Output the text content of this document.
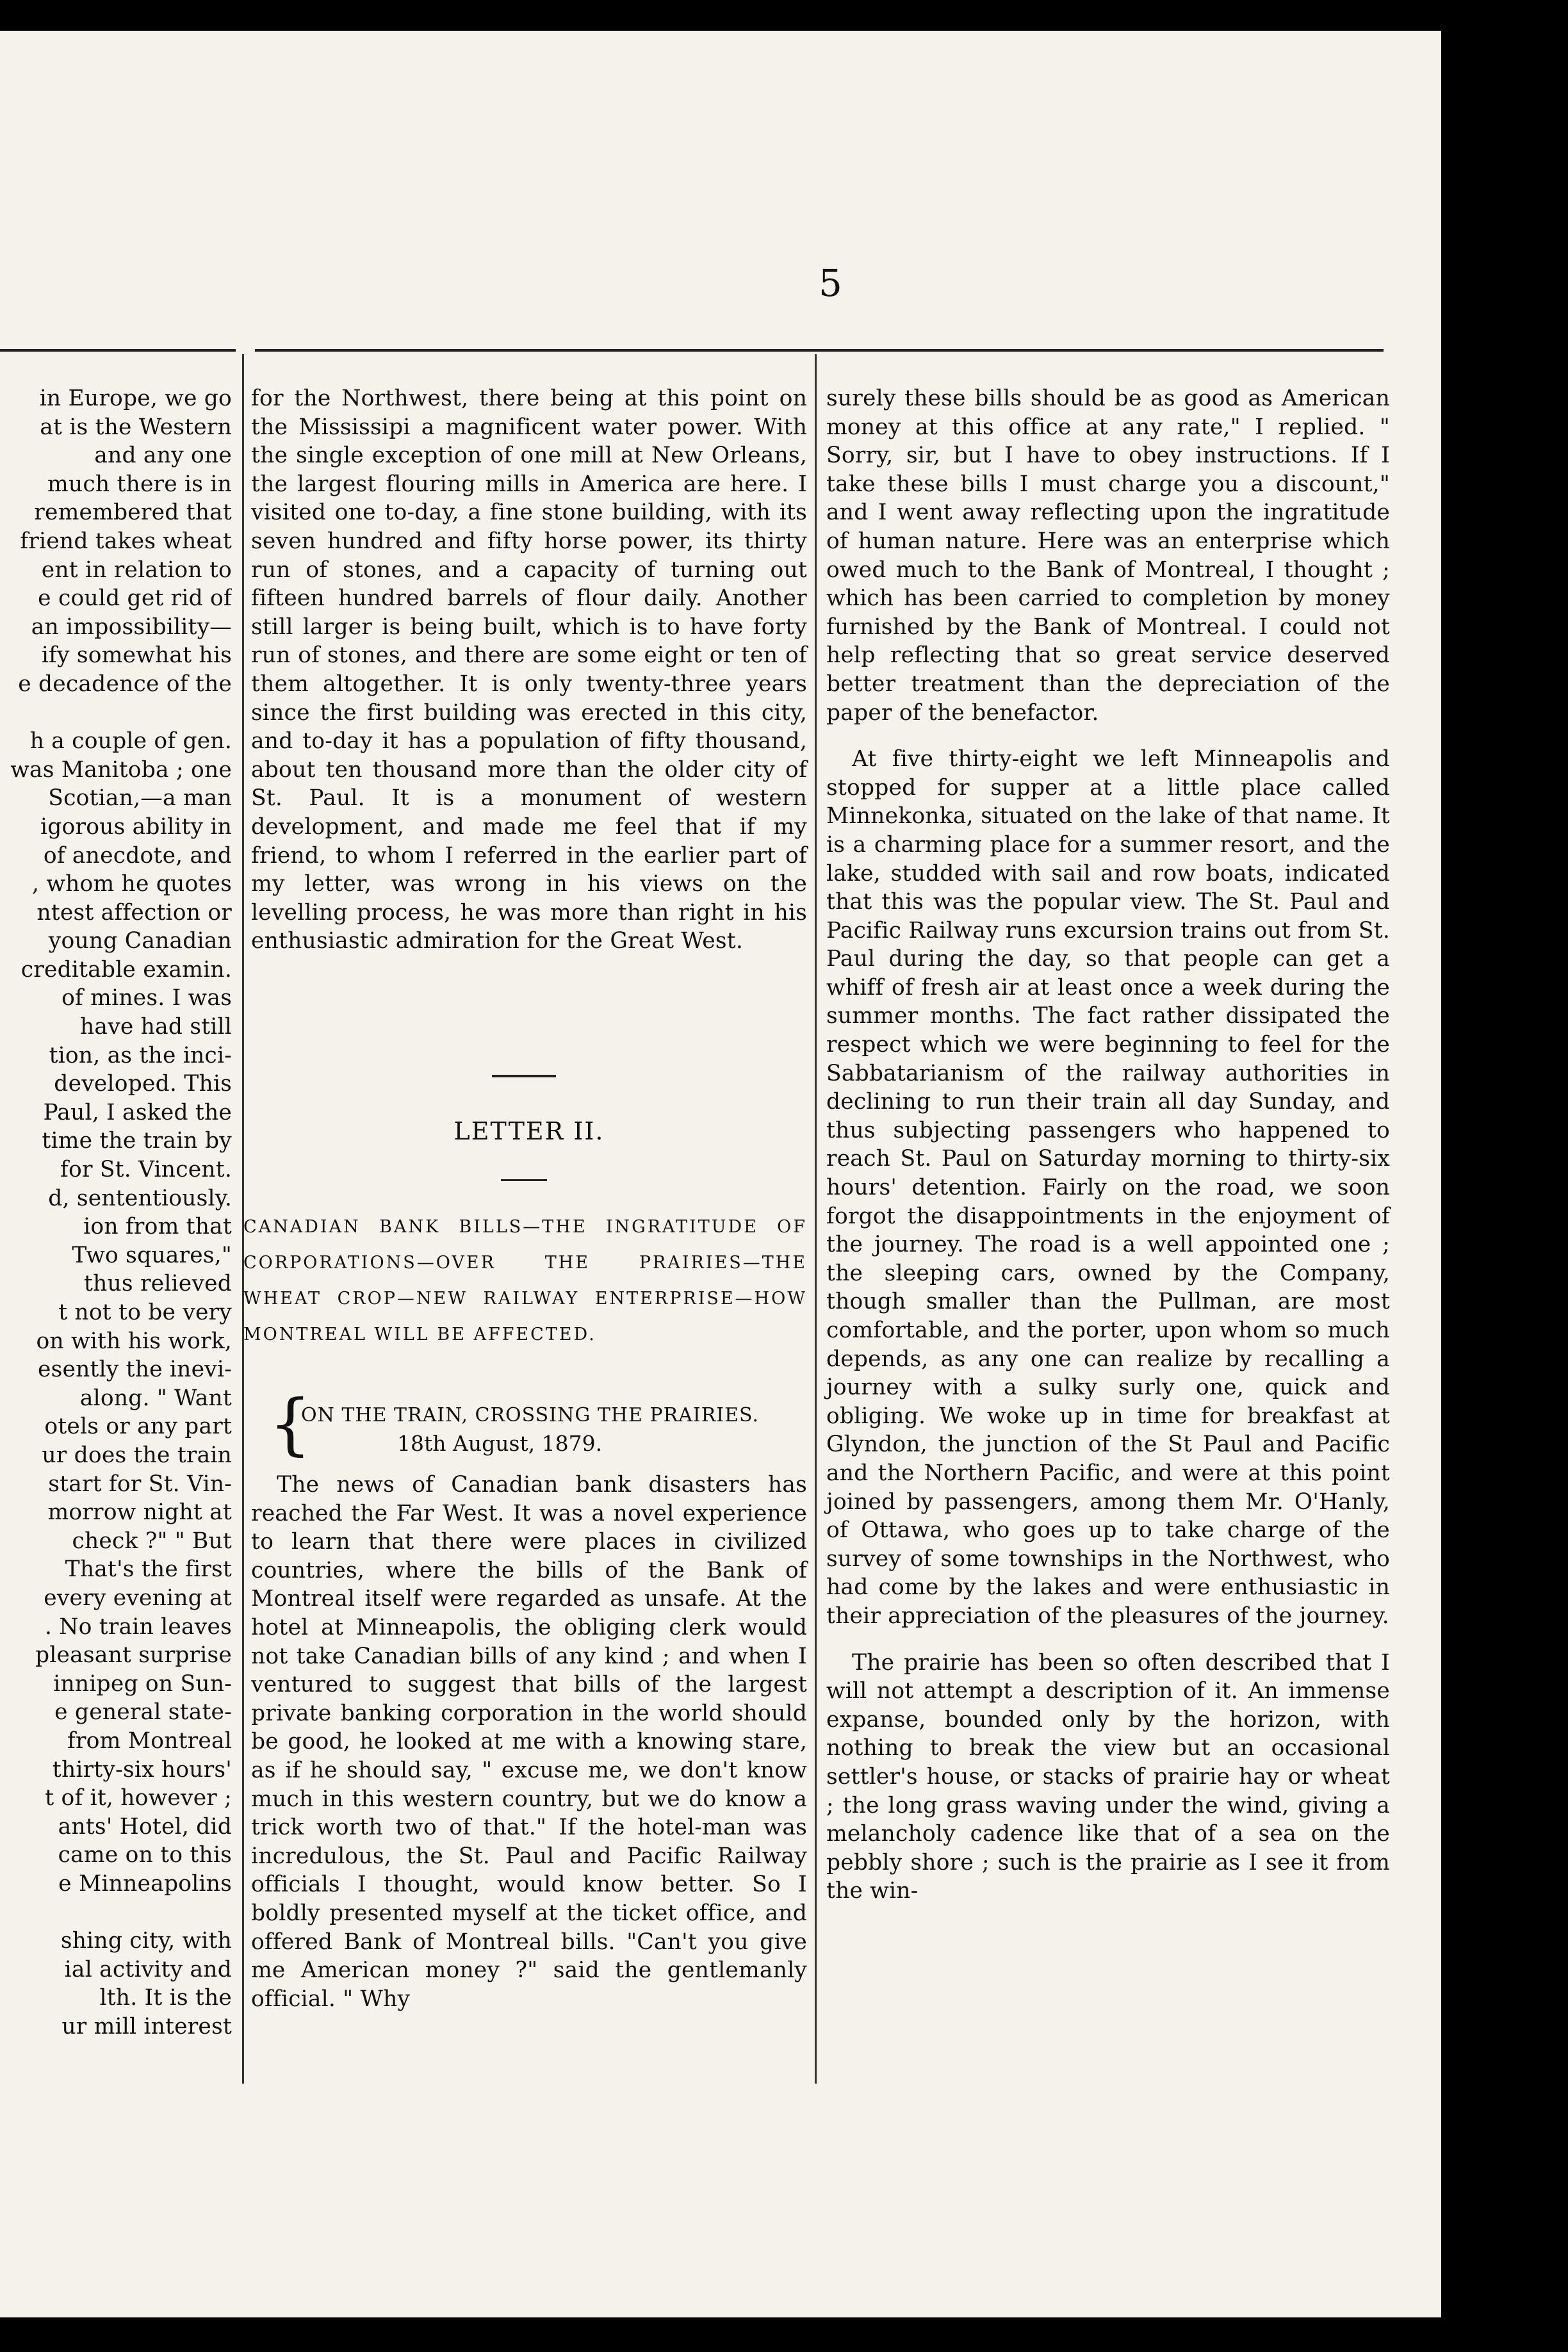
5
in Europe, we go
at is the Western
and any one
much there is in
remembered that
friend takes wheat
ent in relation to
e could get rid of
an impossibility—
ify somewhat his
e decadence of the
h a couple of gen.
was Manitoba ; one
Scotian,—a man
igorous ability in
of anecdote, and
, whom he quotes
ntest affection or
young Canadian
creditable examin.
of mines. I was
have had still
tion, as the inci-
developed. This
Paul, I asked the
time the train by
for St. Vincent.
d, sententiously.
ion from that
Two squares,"
thus relieved
t not to be very
on with his work,
esently the inevi-
along. " Want
otels or any part
ur does the train
start for St. Vin-
morrow night at
check ?" " But
That's the first
every evening at
. No train leaves
pleasant surprise
innipeg on Sun-
e general state-
from Montreal
thirty-six hours'
t of it, however ;
ants' Hotel, did
came on to this
e Minneapolins
shing city, with
ial activity and
lth. It is the
ur mill interest

for the Northwest, there being at this point on the Mississipi a magnificent water power. With the single exception of one mill at New Orleans, the largest flouring mills in America are here. I visited one to-day, a fine stone building, with its seven hundred and fifty horse power, its thirty run of stones, and a capacity of turning out fifteen hundred barrels of flour daily. Another still larger is being built, which is to have forty run of stones, and there are some eight or ten of them altogether. It is only twenty-three years since the first building was erected in this city, and to-day it has a population of fifty thousand, about ten thousand more than the older city of St. Paul. It is a monument of western development, and made me feel that if my friend, to whom I referred in the earlier part of my letter, was wrong in his views on the levelling process, he was more than right in his enthusiastic admiration for the Great West.

LETTER II.
CANADIAN BANK BILLS—THE INGRATITUDE OF CORPORATIONS—OVER THE PRAIRIES—THE WHEAT CROP—NEW RAILWAY ENTERPRISE—HOW MONTREAL WILL BE AFFECTED.
{
ON THE TRAIN, CROSSING THE PRAIRIES.
18th August, 1879.

The news of Canadian bank disasters has reached the Far West. It was a novel experience to learn that there were places in civilized countries, where the bills of the Bank of Montreal itself were regarded as unsafe. At the hotel at Minneapolis, the obliging clerk would not take Canadian bills of any kind ; and when I ventured to suggest that bills of the largest private banking corporation in the world should be good, he looked at me with a knowing stare, as if he should say, " excuse me, we don't know much in this western country, but we do know a trick worth two of that." If the hotel-man was incredulous, the St. Paul and Pacific Railway officials I thought, would know better. So I boldly presented myself at the ticket office, and offered Bank of Montreal bills. "Can't you give me American money ?" said the gentlemanly official. " Why

surely these bills should be as good as American money at this office at any rate," I replied. " Sorry, sir, but I have to obey instructions. If I take these bills I must charge you a discount," and I went away reflecting upon the ingratitude of human nature. Here was an enterprise which owed much to the Bank of Montreal, I thought ; which has been carried to completion by money furnished by the Bank of Montreal. I could not help reflecting that so great service deserved better treatment than the depreciation of the paper of the benefactor.

At five thirty-eight we left Minneapolis and stopped for supper at a little place called Minnekonka, situated on the lake of that name. It is a charming place for a summer resort, and the lake, studded with sail and row boats, indicated that this was the popular view. The St. Paul and Pacific Railway runs excursion trains out from St. Paul during the day, so that people can get a whiff of fresh air at least once a week during the summer months. The fact rather dissipated the respect which we were beginning to feel for the Sabbatarianism of the railway authorities in declining to run their train all day Sunday, and thus subjecting passengers who happened to reach St. Paul on Saturday morning to thirty-six hours' detention. Fairly on the road, we soon forgot the disappointments in the enjoyment of the journey. The road is a well appointed one ; the sleeping cars, owned by the Company, though smaller than the Pullman, are most comfortable, and the porter, upon whom so much depends, as any one can realize by recalling a journey with a sulky surly one, quick and obliging. We woke up in time for breakfast at Glyndon, the junction of the St Paul and Pacific and the Northern Pacific, and were at this point joined by passengers, among them Mr. O'Hanly, of Ottawa, who goes up to take charge of the survey of some townships in the Northwest, who had come by the lakes and were enthusiastic in their appreciation of the pleasures of the journey.

The prairie has been so often described that I will not attempt a description of it. An immense expanse, bounded only by the horizon, with nothing to break the view but an occasional settler's house, or stacks of prairie hay or wheat ; the long grass waving under the wind, giving a melancholy cadence like that of a sea on the pebbly shore ; such is the prairie as I see it from the win-
